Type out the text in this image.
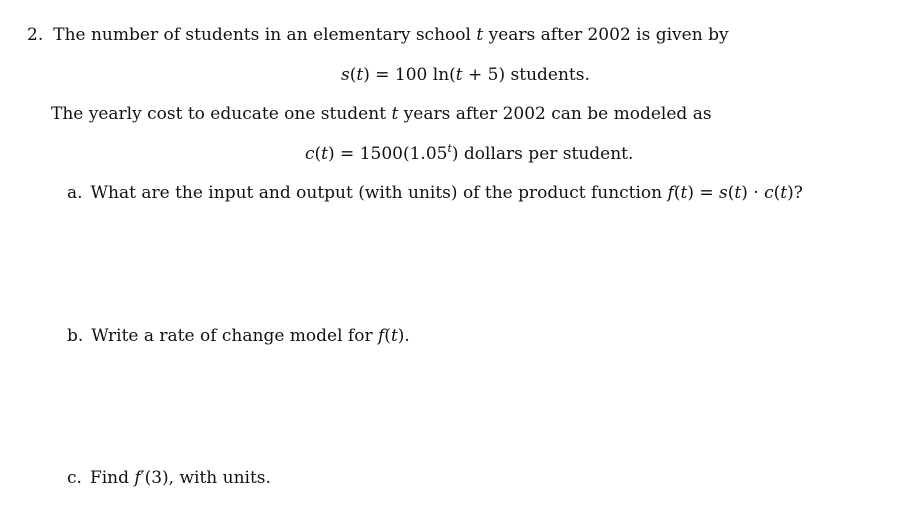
2. The number of students in an elementary school t years after 2002 is given by
s(t) = 100 ln(t + 5) students.
The yearly cost to educate one student t years after 2002 can be modeled as
$c(t) = 1500(1.05^t)$ dollars per student.
a. What are the input and output (with units) of the product function f(t) = s(t) · c(t)?
b. Write a rate of change model for f(t).
c. Find f′(3), with units.
